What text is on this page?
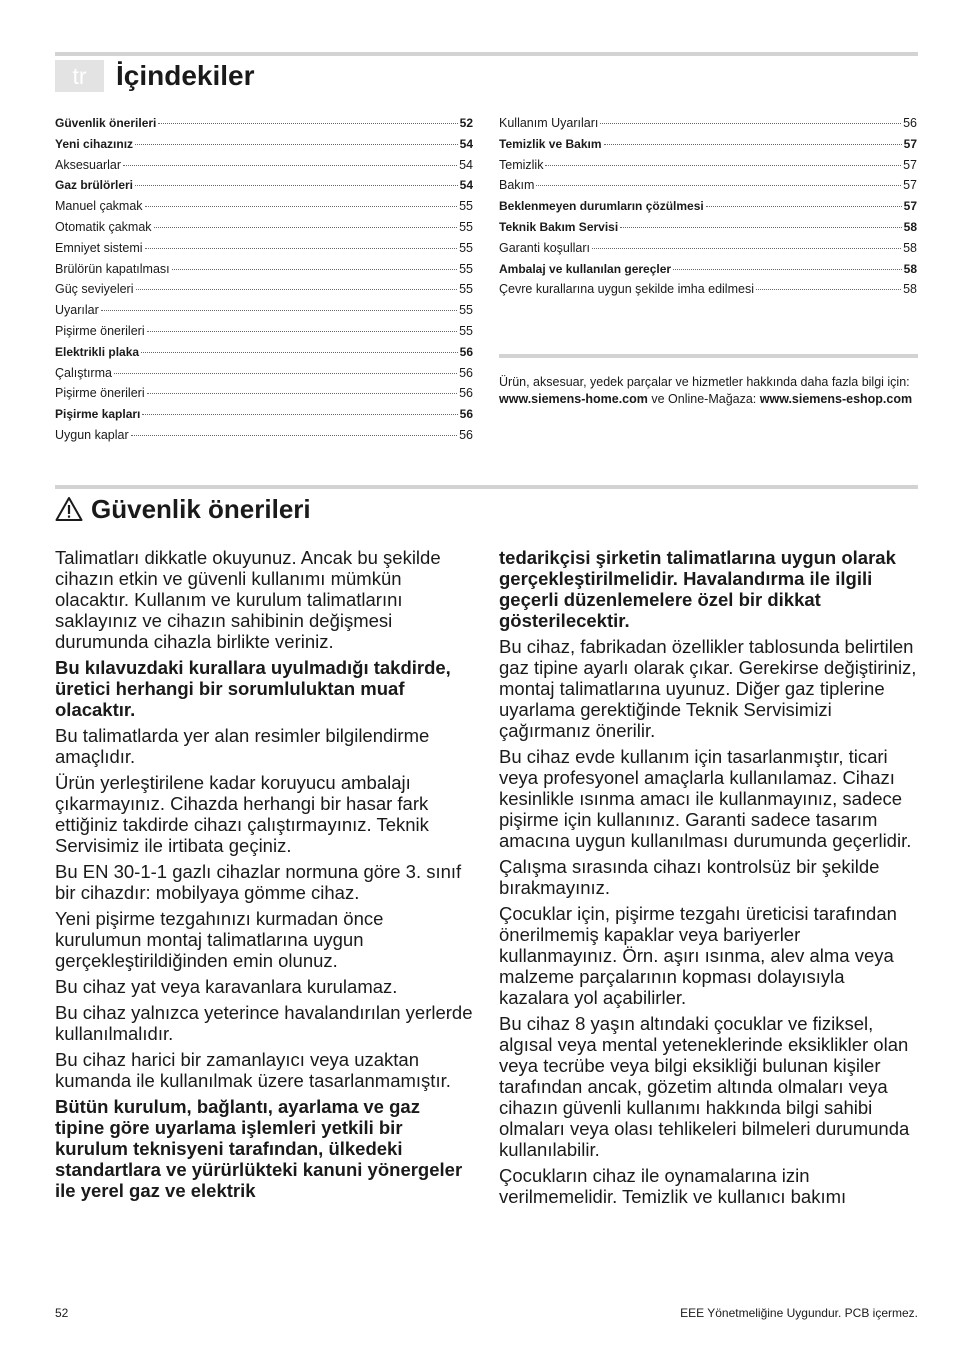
tr	İçindekiler
Güvenlik önerileri	52
Yeni cihazınız	54
Aksesuarlar	54
Gaz brülörleri	54
Manuel çakmak	55
Otomatik çakmak	55
Emniyet sistemi	55
Brülörün kapatılması	55
Güç seviyeleri	55
Uyarılar	55
Pişirme önerileri	55
Elektrikli plaka	56
Çalıştırma	56
Pişirme önerileri	56
Pişirme kapları	56
Uygun kaplar	56
Kullanım Uyarıları	56
Temizlik ve Bakım	57
Temizlik	57
Bakım	57
Beklenmeyen durumların çözülmesi	57
Teknik Bakım Servisi	58
Garanti koşulları	58
Ambalaj ve kullanılan gereçler	58
Çevre kurallarına uygun şekilde imha edilmesi	58

Ürün, aksesuar, yedek parçalar ve hizmetler hakkında daha fazla bilgi için: www.siemens-home.com ve Online-Mağaza: www.siemens-eshop.com

Güvenlik önerileri

Talimatları dikkatle okuyunuz. Ancak bu şekilde cihazın etkin ve güvenli kullanımı mümkün olacaktır. Kullanım ve kurulum talimatlarını saklayınız ve cihazın sahibinin değişmesi durumunda cihazla birlikte veriniz.

Bu kılavuzdaki kurallara uyulmadığı takdirde, üretici herhangi bir sorumluluktan muaf olacaktır.

Bu talimatlarda yer alan resimler bilgilendirme amaçlıdır.

Ürün yerleştirilene kadar koruyucu ambalajı çıkarmayınız. Cihazda herhangi bir hasar fark ettiğiniz takdirde cihazı çalıştırmayınız. Teknik Servisimiz ile irtibata geçiniz.

Bu EN 30-1-1 gazlı cihazlar normuna göre 3. sınıf bir cihazdır: mobilyaya gömme cihaz.

Yeni pişirme tezgahınızı kurmadan önce kurulumun montaj talimatlarına uygun gerçekleştirildiğinden emin olunuz.

Bu cihaz yat veya karavanlara kurulamaz.

Bu cihaz yalnızca yeterince havalandırılan yerlerde kullanılmalıdır.

Bu cihaz harici bir zamanlayıcı veya uzaktan kumanda ile kullanılmak üzere tasarlanmamıştır.

Bütün kurulum, bağlantı, ayarlama ve gaz tipine göre uyarlama işlemleri yetkili bir kurulum teknisyeni tarafından, ülkedeki standartlara ve yürürlükteki kanuni yönergeler ile yerel gaz ve elektrik

tedarikçisi şirketin talimatlarına uygun olarak gerçekleştirilmelidir. Havalandırma ile ilgili geçerli düzenlemelere özel bir dikkat gösterilecektir.

Bu cihaz, fabrikadan özellikler tablosunda belirtilen gaz tipine ayarlı olarak çıkar. Gerekirse değiştiriniz, montaj talimatlarına uyunuz. Diğer gaz tiplerine uyarlama gerektiğinde Teknik Servisimizi çağırmanız önerilir.

Bu cihaz evde kullanım için tasarlanmıştır, ticari veya profesyonel amaçlarla kullanılamaz. Cihazı kesinlikle ısınma amacı ile kullanmayınız, sadece pişirme için kullanınız. Garanti sadece tasarım amacına uygun kullanılması durumunda geçerlidir.

Çalışma sırasında cihazı kontrolsüz bir şekilde bırakmayınız.

Çocuklar için, pişirme tezgahı üreticisi tarafından önerilmemiş kapaklar veya bariyerler kullanmayınız. Örn. aşırı ısınma, alev alma veya malzeme parçalarının kopması dolayısıyla kazalara yol açabilirler.

Bu cihaz 8 yaşın altındaki çocuklar ve fiziksel, algısal veya mental yeteneklerinde eksiklikler olan veya tecrübe veya bilgi eksikliği bulunan kişiler tarafından ancak, gözetim altında olmaları veya cihazın güvenli kullanımı hakkında bilgi sahibi olmaları veya olası tehlikeleri bilmeleri durumunda kullanılabilir.

Çocukların cihaz ile oynamalarına izin verilmemelidir. Temizlik ve kullanıcı bakımı

52	EEE Yönetmeliğine Uygundur. PCB içermez.
